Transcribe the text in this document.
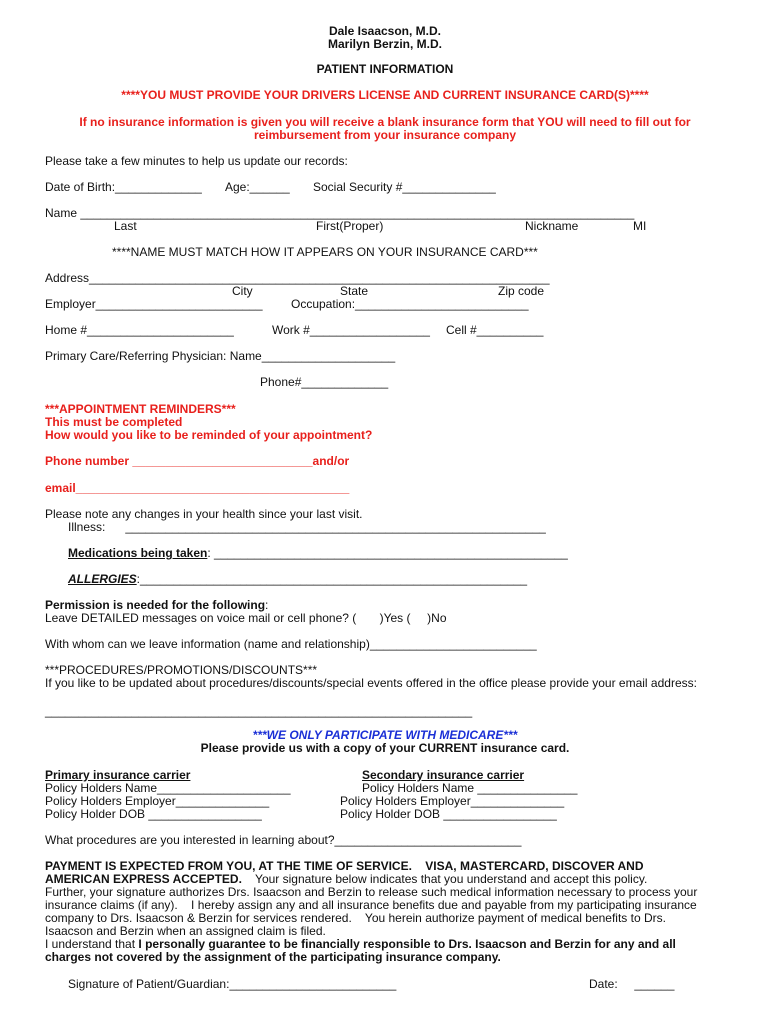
Dale Isaacson, M.D.
Marilyn Berzin, M.D.
PATIENT INFORMATION
****YOU MUST PROVIDE YOUR DRIVERS LICENSE AND CURRENT INSURANCE CARD(S)****
If no insurance information is given you will receive a blank insurance form that YOU will need to fill out for
reimbursement from your insurance company
Please take a few minutes to help us update our records:
Date of Birth:_____________ Age:______ Social Security #______________
Name ___________________________________________________________________________________
Last	First(Proper)	Nickname	MI
****NAME MUST MATCH HOW IT APPEARS ON YOUR INSURANCE CARD***
Address_____________________________________________________________________
City	State	Zip code
Employer_________________________ Occupation:__________________________
Home #______________________	Work #__________________ Cell #__________
Primary Care/Referring Physician: Name____________________
Phone#_____________
***APPOINTMENT REMINDERS***
This must be completed
How would you like to be reminded of your appointment?
Phone number ___________________________and/or
email_________________________________________
Please note any changes in your health since your last visit.
Illness:      _______________________________________________________________
Medications being taken: _____________________________________________________
ALLERGIES:__________________________________________________________
Permission is needed for the following:
Leave DETAILED messages on voice mail or cell phone? (       )Yes (     )No
With whom can we leave information (name and relationship)_________________________
***PROCEDURES/PROMOTIONS/DISCOUNTS***
If you like to be updated about procedures/discounts/special events offered in the office please provide your email address:
________________________________________________________________
***WE ONLY PARTICIPATE WITH MEDICARE***
Please provide us with a copy of your CURRENT insurance card.
Primary insurance carrier
Policy Holders Name____________________
Policy Holders Employer______________
Policy Holder DOB _________________
Secondary insurance carrier
Policy Holders Name _______________
Policy Holders Employer______________
Policy Holder DOB _________________
What procedures are you interested in learning about?____________________________
PAYMENT IS EXPECTED FROM YOU, AT THE TIME OF SERVICE.    VISA, MASTERCARD, DISCOVER AND
AMERICAN EXPRESS ACCEPTED.    Your signature below indicates that you understand and accept this policy.
Further, your signature authorizes Drs. Isaacson and Berzin to release such medical information necessary to process your
insurance claims (if any).    I hereby assign any and all insurance benefits due and payable from my participating insurance
company to Drs. Isaacson & Berzin for services rendered.    You herein authorize payment of medical benefits to Drs.
Isaacson and Berzin when an assigned claim is filed.
I understand that I personally guarantee to be financially responsible to Drs. Isaacson and Berzin for any and all
charges not covered by the assignment of the participating insurance company.
Signature of Patient/Guardian:_________________________	Date:     ______
